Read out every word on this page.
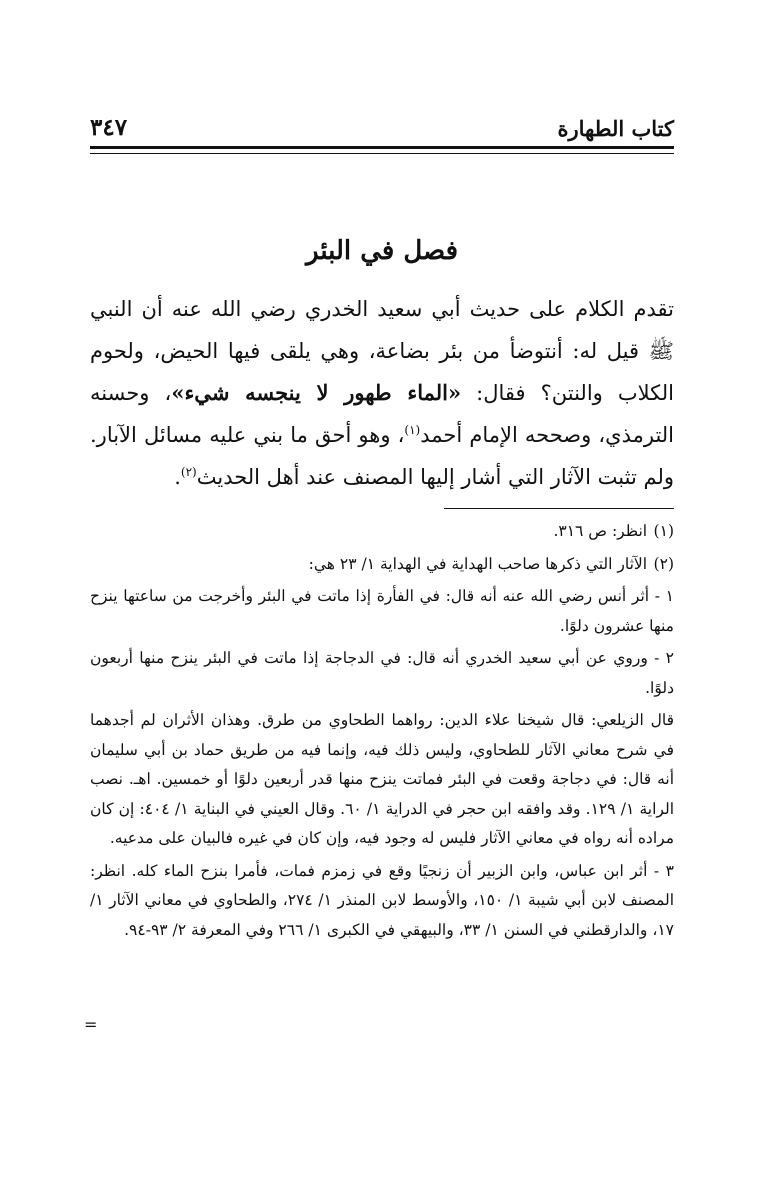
كتاب الطهارة
٣٤٧
فصل في البئر

تقدم الكلام على حديث أبي سعيد الخدري رضي الله عنه أن النبي ﷺ قيل له: أنتوضأ من بئر بضاعة، وهي يلقى فيها الحيض، ولحوم الكلاب والنتن؟ فقال: «الماء طهور لا ينجسه شيء»، وحسنه الترمذي، وصححه الإمام أحمد$^{(١)}$، وهو أحق ما بني عليه مسائل الآبار. ولم تثبت الآثار التي أشار إليها المصنف عند أهل الحديث$^{(٢)}$.

(١) انظر: ص ٣١٦.

(٢) الآثار التي ذكرها صاحب الهداية في الهداية ١/ ٢٣ هي:

١ - أثر أنس رضي الله عنه أنه قال: في الفأرة إذا ماتت في البئر وأخرجت من ساعتها ينزح منها عشرون دلوًا.

٢ - وروي عن أبي سعيد الخدري أنه قال: في الدجاجة إذا ماتت في البئر ينزح منها أربعون دلوًا.

قال الزيلعي: قال شيخنا علاء الدين: رواهما الطحاوي من طرق. وهذان الأثران لم أجدهما في شرح معاني الآثار للطحاوي، وليس ذلك فيه، وإنما فيه من طريق حماد بن أبي سليمان أنه قال: في دجاجة وقعت في البئر فماتت ينزح منها قدر أربعين دلوًا أو خمسين. اهـ. نصب الراية ١/ ١٢٩. وقد وافقه ابن حجر في الدراية ١/ ٦٠. وقال العيني في البناية ١/ ٤٠٤: إن كان مراده أنه رواه في معاني الآثار فليس له وجود فيه، وإن كان في غيره فالبيان على مدعيه.

٣ - أثر ابن عباس، وابن الزبير أن زنجيًا وقع في زمزم فمات، فأمرا بنزح الماء كله. انظر: المصنف لابن أبي شيبة ١/ ١٥٠، والأوسط لابن المنذر ١/ ٢٧٤، والطحاوي في معاني الآثار ١/ ١٧، والدارقطني في السنن ١/ ٣٣، والبيهقي في الكبرى ١/ ٢٦٦ وفي المعرفة ٢/ ٩٣-٩٤.

=
